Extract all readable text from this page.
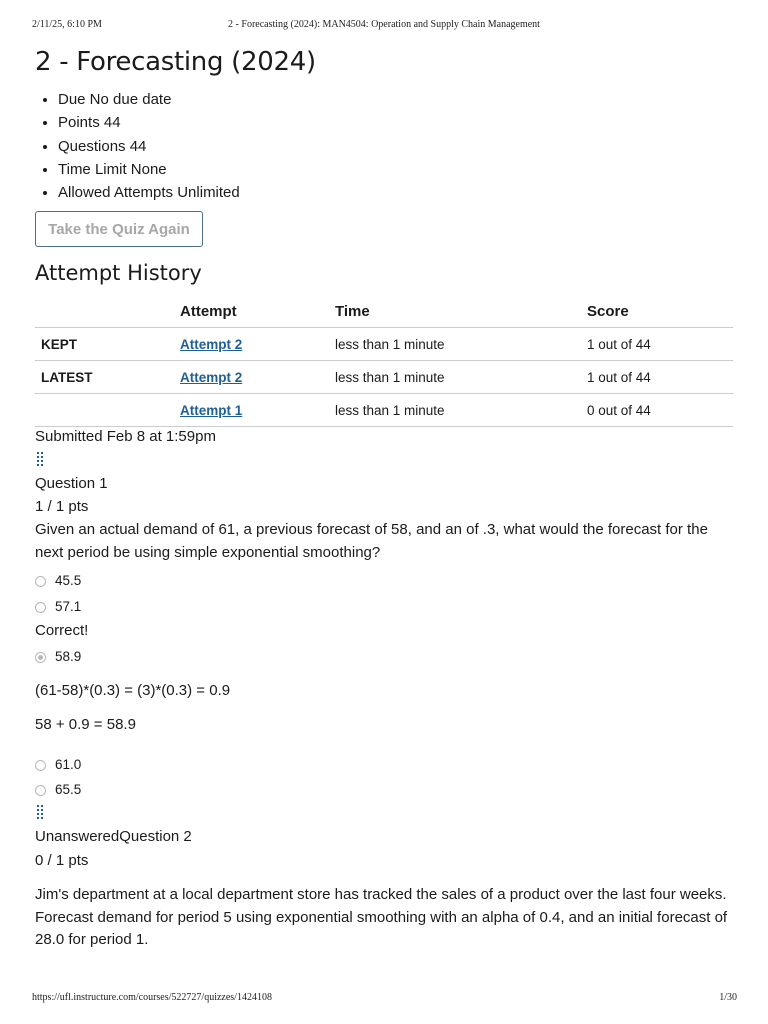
2/11/25, 6:10 PM	2 - Forecasting (2024): MAN4504: Operation and Supply Chain Management
2 - Forecasting (2024)
• Due No due date
• Points 44
• Questions 44
• Time Limit None
• Allowed Attempts Unlimited
Take the Quiz Again
Attempt History
	Attempt	Time	Score
KEPT	Attempt 2	less than 1 minute	1 out of 44
LATEST	Attempt 2	less than 1 minute	1 out of 44
	Attempt 1	less than 1 minute	0 out of 44

Submitted Feb 8 at 1:59pm

Question 1

1 / 1 pts

Given an actual demand of 61, a previous forecast of 58, and an of .3, what would the forecast for the next period be using simple exponential smoothing?

45.5
57.1

Correct!

58.9

(61-58)*(0.3) = (3)*(0.3) = 0.9

58 + 0.9 = 58.9

61.0
65.5

UnansweredQuestion 2

0 / 1 pts

Jim's department at a local department store has tracked the sales of a product over the last four weeks. Forecast demand for period 5 using exponential smoothing with an alpha of 0.4, and an initial forecast of 28.0 for period 1.

https://ufl.instructure.com/courses/522727/quizzes/1424108	1/30
